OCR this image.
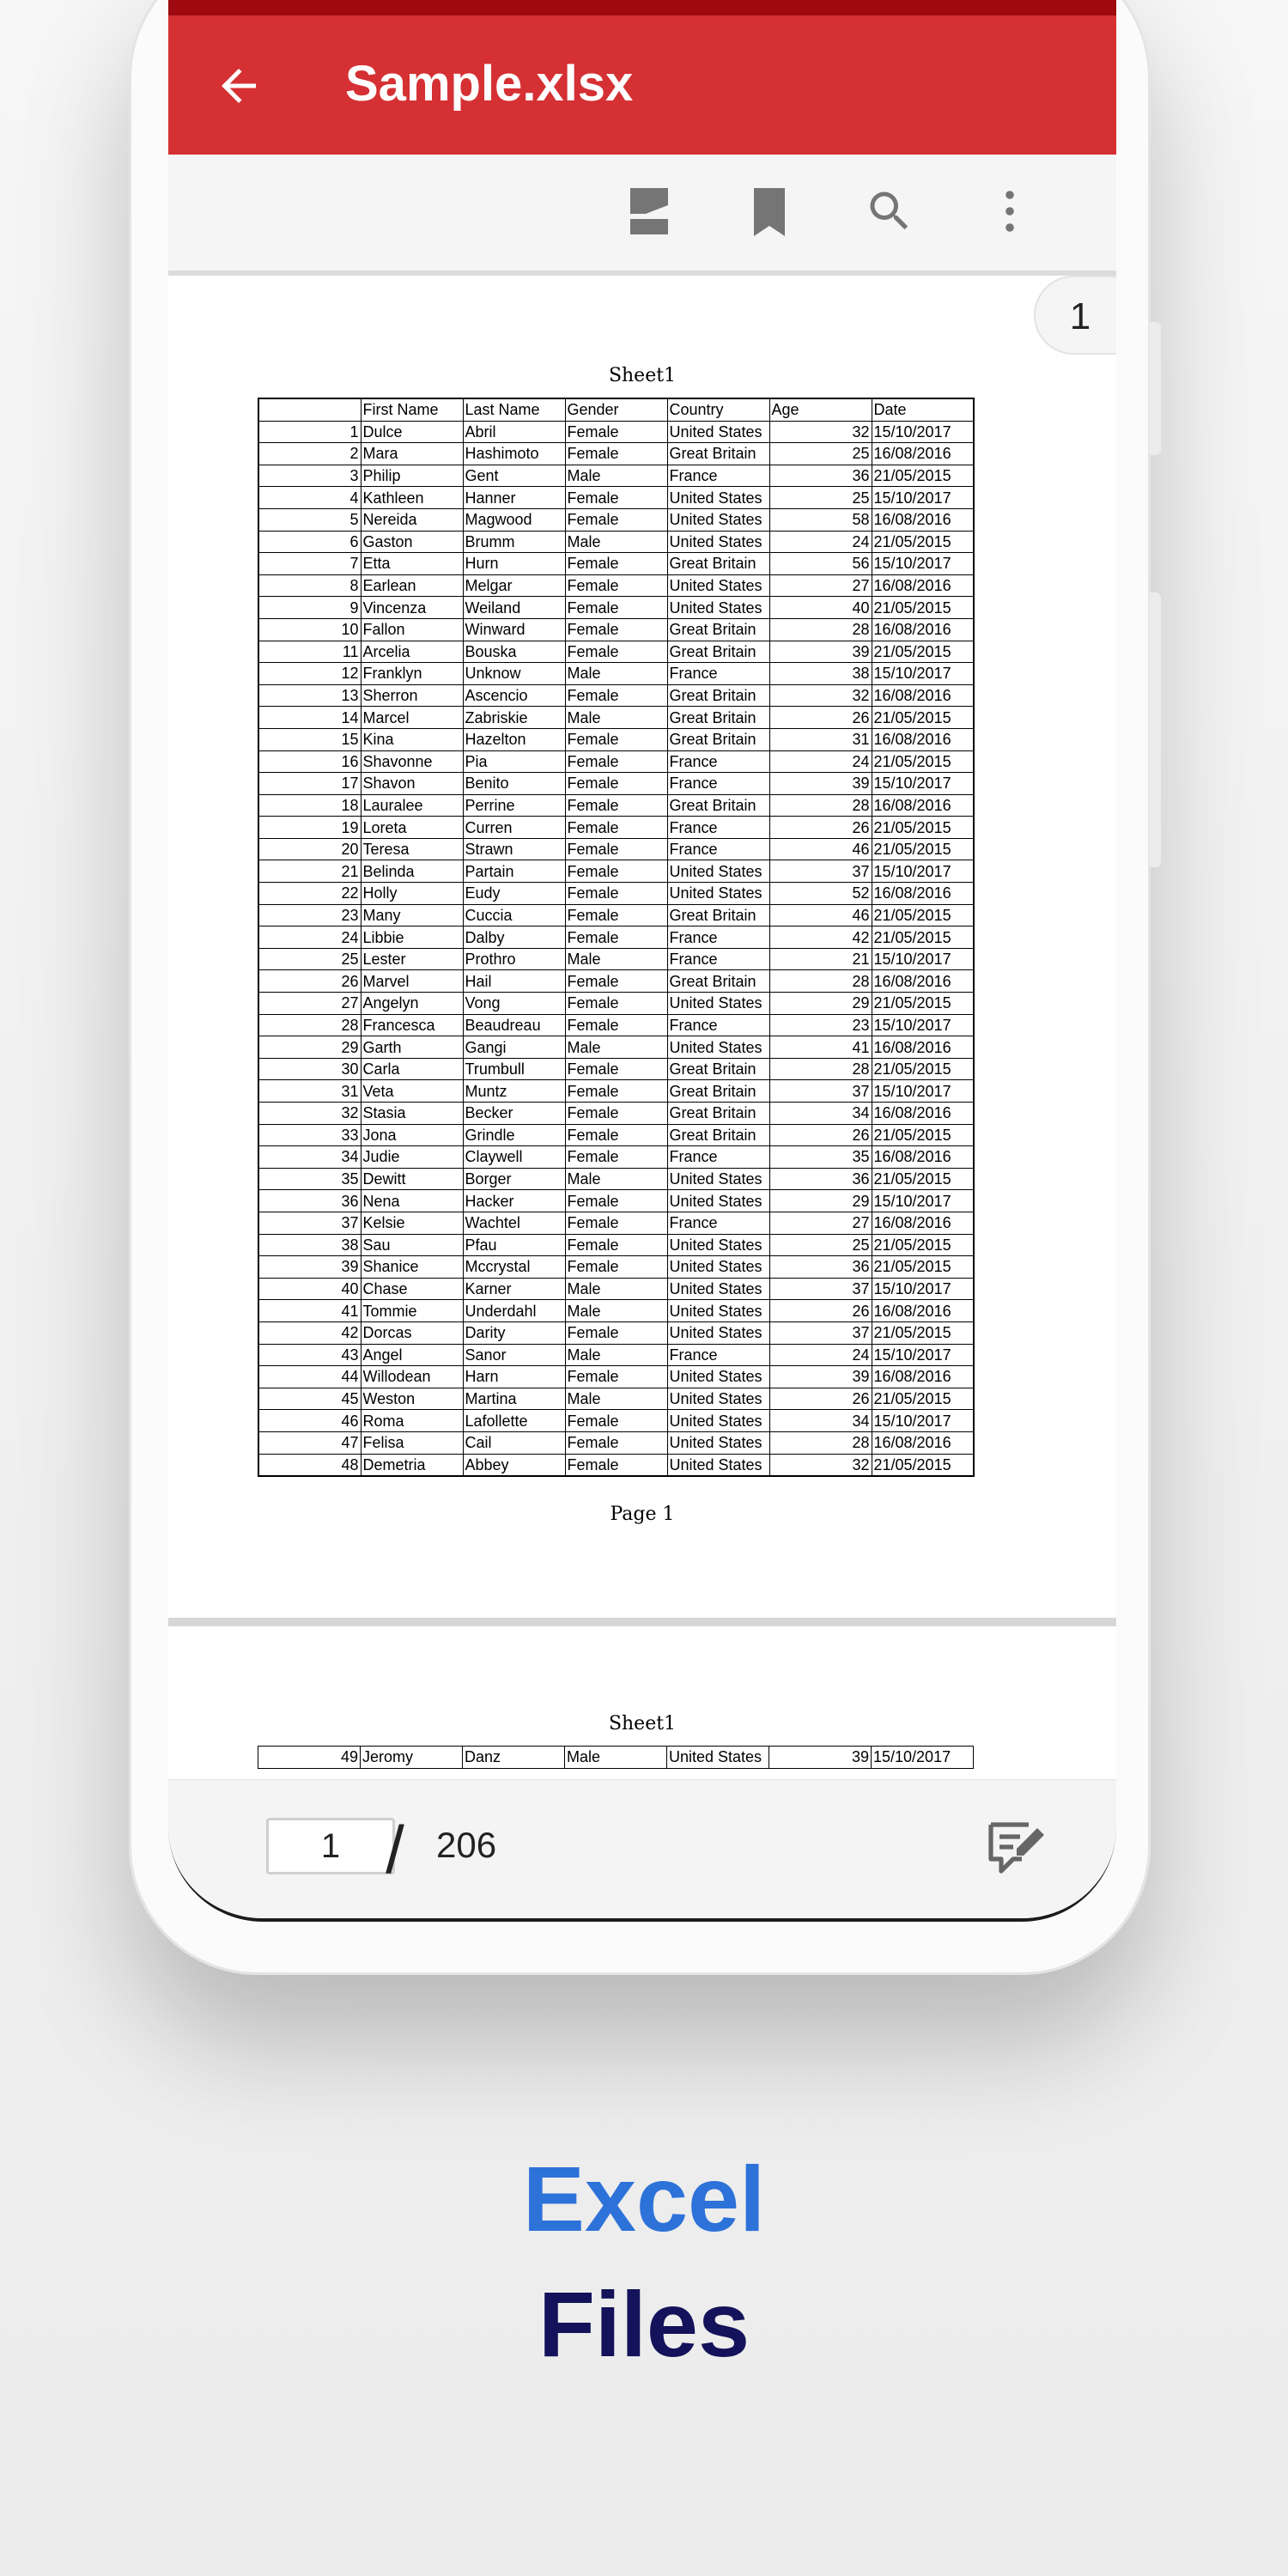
Sample.xlsx
1
Sheet1
	First Name	Last Name	Gender	Country	Age	Date
1	Dulce	Abril	Female	United States	32	15/10/2017
2	Mara	Hashimoto	Female	Great Britain	25	16/08/2016
3	Philip	Gent	Male	France	36	21/05/2015
4	Kathleen	Hanner	Female	United States	25	15/10/2017
5	Nereida	Magwood	Female	United States	58	16/08/2016
6	Gaston	Brumm	Male	United States	24	21/05/2015
7	Etta	Hurn	Female	Great Britain	56	15/10/2017
8	Earlean	Melgar	Female	United States	27	16/08/2016
9	Vincenza	Weiland	Female	United States	40	21/05/2015
10	Fallon	Winward	Female	Great Britain	28	16/08/2016
11	Arcelia	Bouska	Female	Great Britain	39	21/05/2015
12	Franklyn	Unknow	Male	France	38	15/10/2017
13	Sherron	Ascencio	Female	Great Britain	32	16/08/2016
14	Marcel	Zabriskie	Male	Great Britain	26	21/05/2015
15	Kina	Hazelton	Female	Great Britain	31	16/08/2016
16	Shavonne	Pia	Female	France	24	21/05/2015
17	Shavon	Benito	Female	France	39	15/10/2017
18	Lauralee	Perrine	Female	Great Britain	28	16/08/2016
19	Loreta	Curren	Female	France	26	21/05/2015
20	Teresa	Strawn	Female	France	46	21/05/2015
21	Belinda	Partain	Female	United States	37	15/10/2017
22	Holly	Eudy	Female	United States	52	16/08/2016
23	Many	Cuccia	Female	Great Britain	46	21/05/2015
24	Libbie	Dalby	Female	France	42	21/05/2015
25	Lester	Prothro	Male	France	21	15/10/2017
26	Marvel	Hail	Female	Great Britain	28	16/08/2016
27	Angelyn	Vong	Female	United States	29	21/05/2015
28	Francesca	Beaudreau	Female	France	23	15/10/2017
29	Garth	Gangi	Male	United States	41	16/08/2016
30	Carla	Trumbull	Female	Great Britain	28	21/05/2015
31	Veta	Muntz	Female	Great Britain	37	15/10/2017
32	Stasia	Becker	Female	Great Britain	34	16/08/2016
33	Jona	Grindle	Female	Great Britain	26	21/05/2015
34	Judie	Claywell	Female	France	35	16/08/2016
35	Dewitt	Borger	Male	United States	36	21/05/2015
36	Nena	Hacker	Female	United States	29	15/10/2017
37	Kelsie	Wachtel	Female	France	27	16/08/2016
38	Sau	Pfau	Female	United States	25	21/05/2015
39	Shanice	Mccrystal	Female	United States	36	21/05/2015
40	Chase	Karner	Male	United States	37	15/10/2017
41	Tommie	Underdahl	Male	United States	26	16/08/2016
42	Dorcas	Darity	Female	United States	37	21/05/2015
43	Angel	Sanor	Male	France	24	15/10/2017
44	Willodean	Harn	Female	United States	39	16/08/2016
45	Weston	Martina	Male	United States	26	21/05/2015
46	Roma	Lafollette	Female	United States	34	15/10/2017
47	Felisa	Cail	Female	United States	28	16/08/2016
48	Demetria	Abbey	Female	United States	32	21/05/2015
Page 1
Sheet1
49	Jeromy	Danz	Male	United States	39	15/10/2017
1 / 206
Excel
Files
